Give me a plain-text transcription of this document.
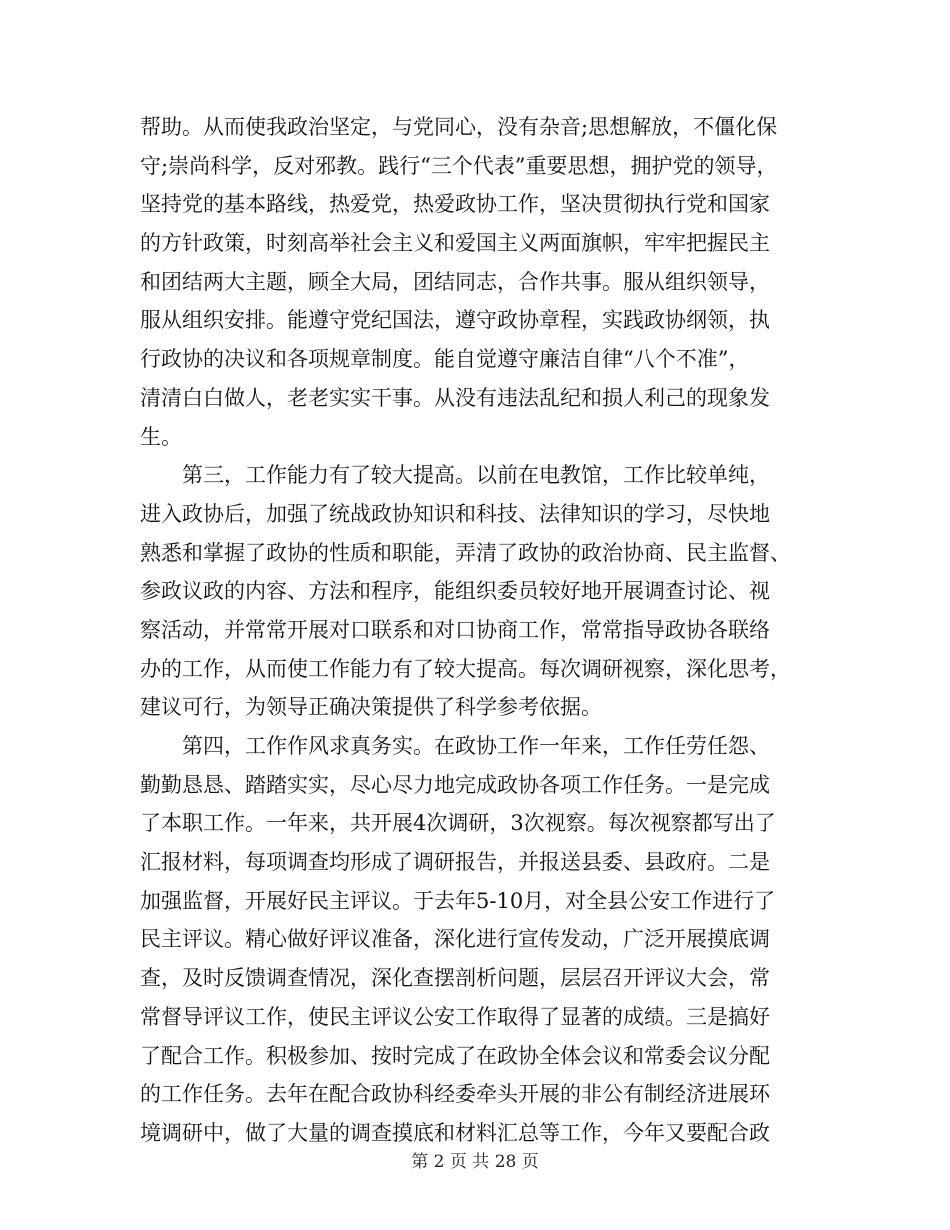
帮助。从而使我政治坚定，与党同心，没有杂音;思想解放，不僵化保
守;崇尚科学，反对邪教。践行“三个代表”重要思想，拥护党的领导，
坚持党的基本路线，热爱党，热爱政协工作，坚决贯彻执行党和国家
的方针政策，时刻高举社会主义和爱国主义两面旗帜，牢牢把握民主
和团结两大主题，顾全大局，团结同志，合作共事。服从组织领导，
服从组织安排。能遵守党纪国法，遵守政协章程，实践政协纲领，执
行政协的决议和各项规章制度。能自觉遵守廉洁自律“八个不准”，
清清白白做人，老老实实干事。从没有违法乱纪和损人利己的现象发
生。
　　第三，工作能力有了较大提高。以前在电教馆，工作比较单纯，
进入政协后，加强了统战政协知识和科技、法律知识的学习，尽快地
熟悉和掌握了政协的性质和职能，弄清了政协的政治协商、民主监督、
参政议政的内容、方法和程序，能组织委员较好地开展调查讨论、视
察活动，并常常开展对口联系和对口协商工作，常常指导政协各联络
办的工作，从而使工作能力有了较大提高。每次调研视察，深化思考，
建议可行，为领导正确决策提供了科学参考依据。
　　第四，工作作风求真务实。在政协工作一年来，工作任劳任怨、
勤勤恳恳、踏踏实实，尽心尽力地完成政协各项工作任务。一是完成
了本职工作。一年来，共开展4次调研，3次视察。每次视察都写出了
汇报材料，每项调查均形成了调研报告，并报送县委、县政府。二是
加强监督，开展好民主评议。于去年5-10月，对全县公安工作进行了
民主评议。精心做好评议准备，深化进行宣传发动，广泛开展摸底调
查，及时反馈调查情况，深化查摆剖析问题，层层召开评议大会，常
常督导评议工作，使民主评议公安工作取得了显著的成绩。三是搞好
了配合工作。积极参加、按时完成了在政协全体会议和常委会议分配
的工作任务。去年在配合政协科经委牵头开展的非公有制经济进展环
境调研中，做了大量的调查摸底和材料汇总等工作，今年又要配合政
第 2 页 共 28 页
